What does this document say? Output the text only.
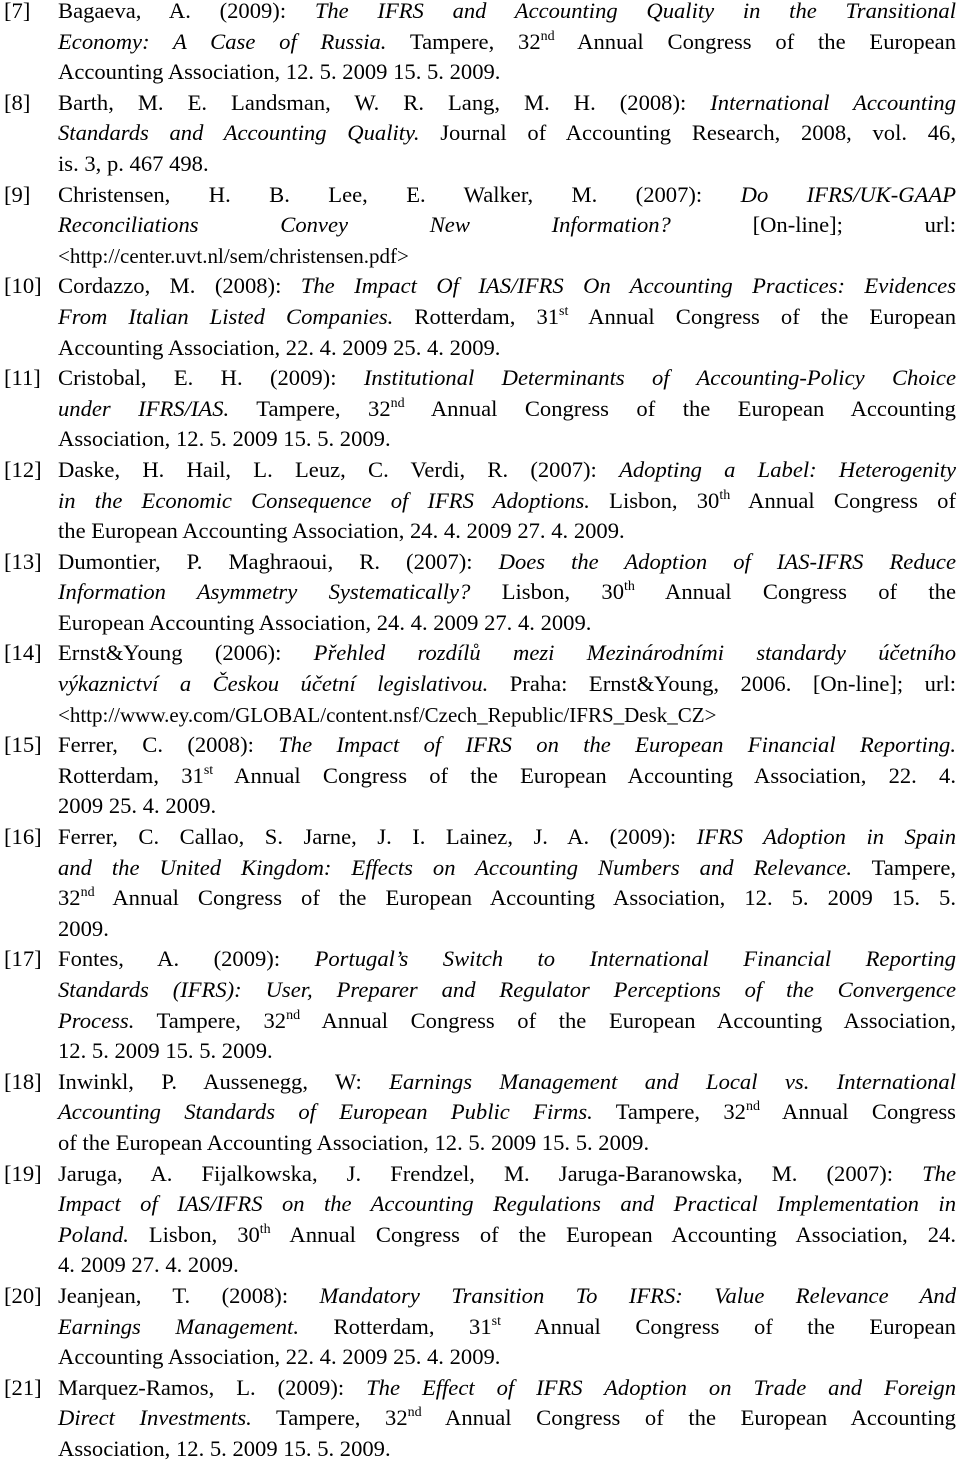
[7]	Bagaeva, A. (2009): The IFRS and Accounting Quality in the Transitional
Economy: A Case of Russia. Tampere, 32nd Annual Congress of the European
Accounting Association, 12. 5. 2009 15. 5. 2009.
[8]	Barth, M. E. Landsman, W. R. Lang, M. H. (2008): International Accounting
Standards and Accounting Quality. Journal of Accounting Research, 2008, vol. 46,
is. 3, p. 467 498.
[9]	Christensen, H. B. Lee, E. Walker, M. (2007): Do IFRS/UK-GAAP
Reconciliations Convey New Information? [On-line]; url:
<http://center.uvt.nl/sem/christensen.pdf>
[10] Cordazzo, M. (2008): The Impact Of IAS/IFRS On Accounting Practices: Evidences
From Italian Listed Companies. Rotterdam, 31st Annual Congress of the European
Accounting Association, 22. 4. 2009 25. 4. 2009.
[11] Cristobal, E. H. (2009): Institutional Determinants of Accounting-Policy Choice
under IFRS/IAS. Tampere, 32nd Annual Congress of the European Accounting
Association, 12. 5. 2009 15. 5. 2009.
[12] Daske, H. Hail, L. Leuz, C. Verdi, R. (2007): Adopting a Label: Heterogenity
in the Economic Consequence of IFRS Adoptions. Lisbon, 30th Annual Congress of
the European Accounting Association, 24. 4. 2009 27. 4. 2009.
[13] Dumontier, P. Maghraoui, R. (2007): Does the Adoption of IAS-IFRS Reduce
Information Asymmetry Systematically? Lisbon, 30th Annual Congress of the
European Accounting Association, 24. 4. 2009 27. 4. 2009.
[14] Ernst&Young (2006): Přehled rozdílů mezi Mezinárodními standardy účetního
výkaznictví a Českou účetní legislativou. Praha: Ernst&Young, 2006. [On-line]; url:
<http://www.ey.com/GLOBAL/content.nsf/Czech_Republic/IFRS_Desk_CZ>
[15] Ferrer, C. (2008): The Impact of IFRS on the European Financial Reporting.
Rotterdam, 31st Annual Congress of the European Accounting Association, 22. 4.
2009 25. 4. 2009.
[16] Ferrer, C. Callao, S. Jarne, J. I. Lainez, J. A. (2009): IFRS Adoption in Spain
and the United Kingdom: Effects on Accounting Numbers and Relevance. Tampere,
32nd Annual Congress of the European Accounting Association, 12. 5. 2009 15. 5.
2009.
[17] Fontes, A. (2009): Portugal’s Switch to International Financial Reporting
Standards (IFRS): User, Preparer and Regulator Perceptions of the Convergence
Process. Tampere, 32nd Annual Congress of the European Accounting Association,
12. 5. 2009 15. 5. 2009.
[18] Inwinkl, P. Aussenegg, W: Earnings Management and Local vs. International
Accounting Standards of European Public Firms. Tampere, 32nd Annual Congress
of the European Accounting Association, 12. 5. 2009 15. 5. 2009.
[19] Jaruga, A. Fijalkowska, J. Frendzel, M. Jaruga-Baranowska, M. (2007): The
Impact of IAS/IFRS on the Accounting Regulations and Practical Implementation in
Poland. Lisbon, 30th Annual Congress of the European Accounting Association, 24.
4. 2009 27. 4. 2009.
[20] Jeanjean, T. (2008): Mandatory Transition To IFRS: Value Relevance And
Earnings Management. Rotterdam, 31st Annual Congress of the European
Accounting Association, 22. 4. 2009 25. 4. 2009.
[21] Marquez-Ramos, L. (2009): The Effect of IFRS Adoption on Trade and Foreign
Direct Investments. Tampere, 32nd Annual Congress of the European Accounting
Association, 12. 5. 2009 15. 5. 2009.
